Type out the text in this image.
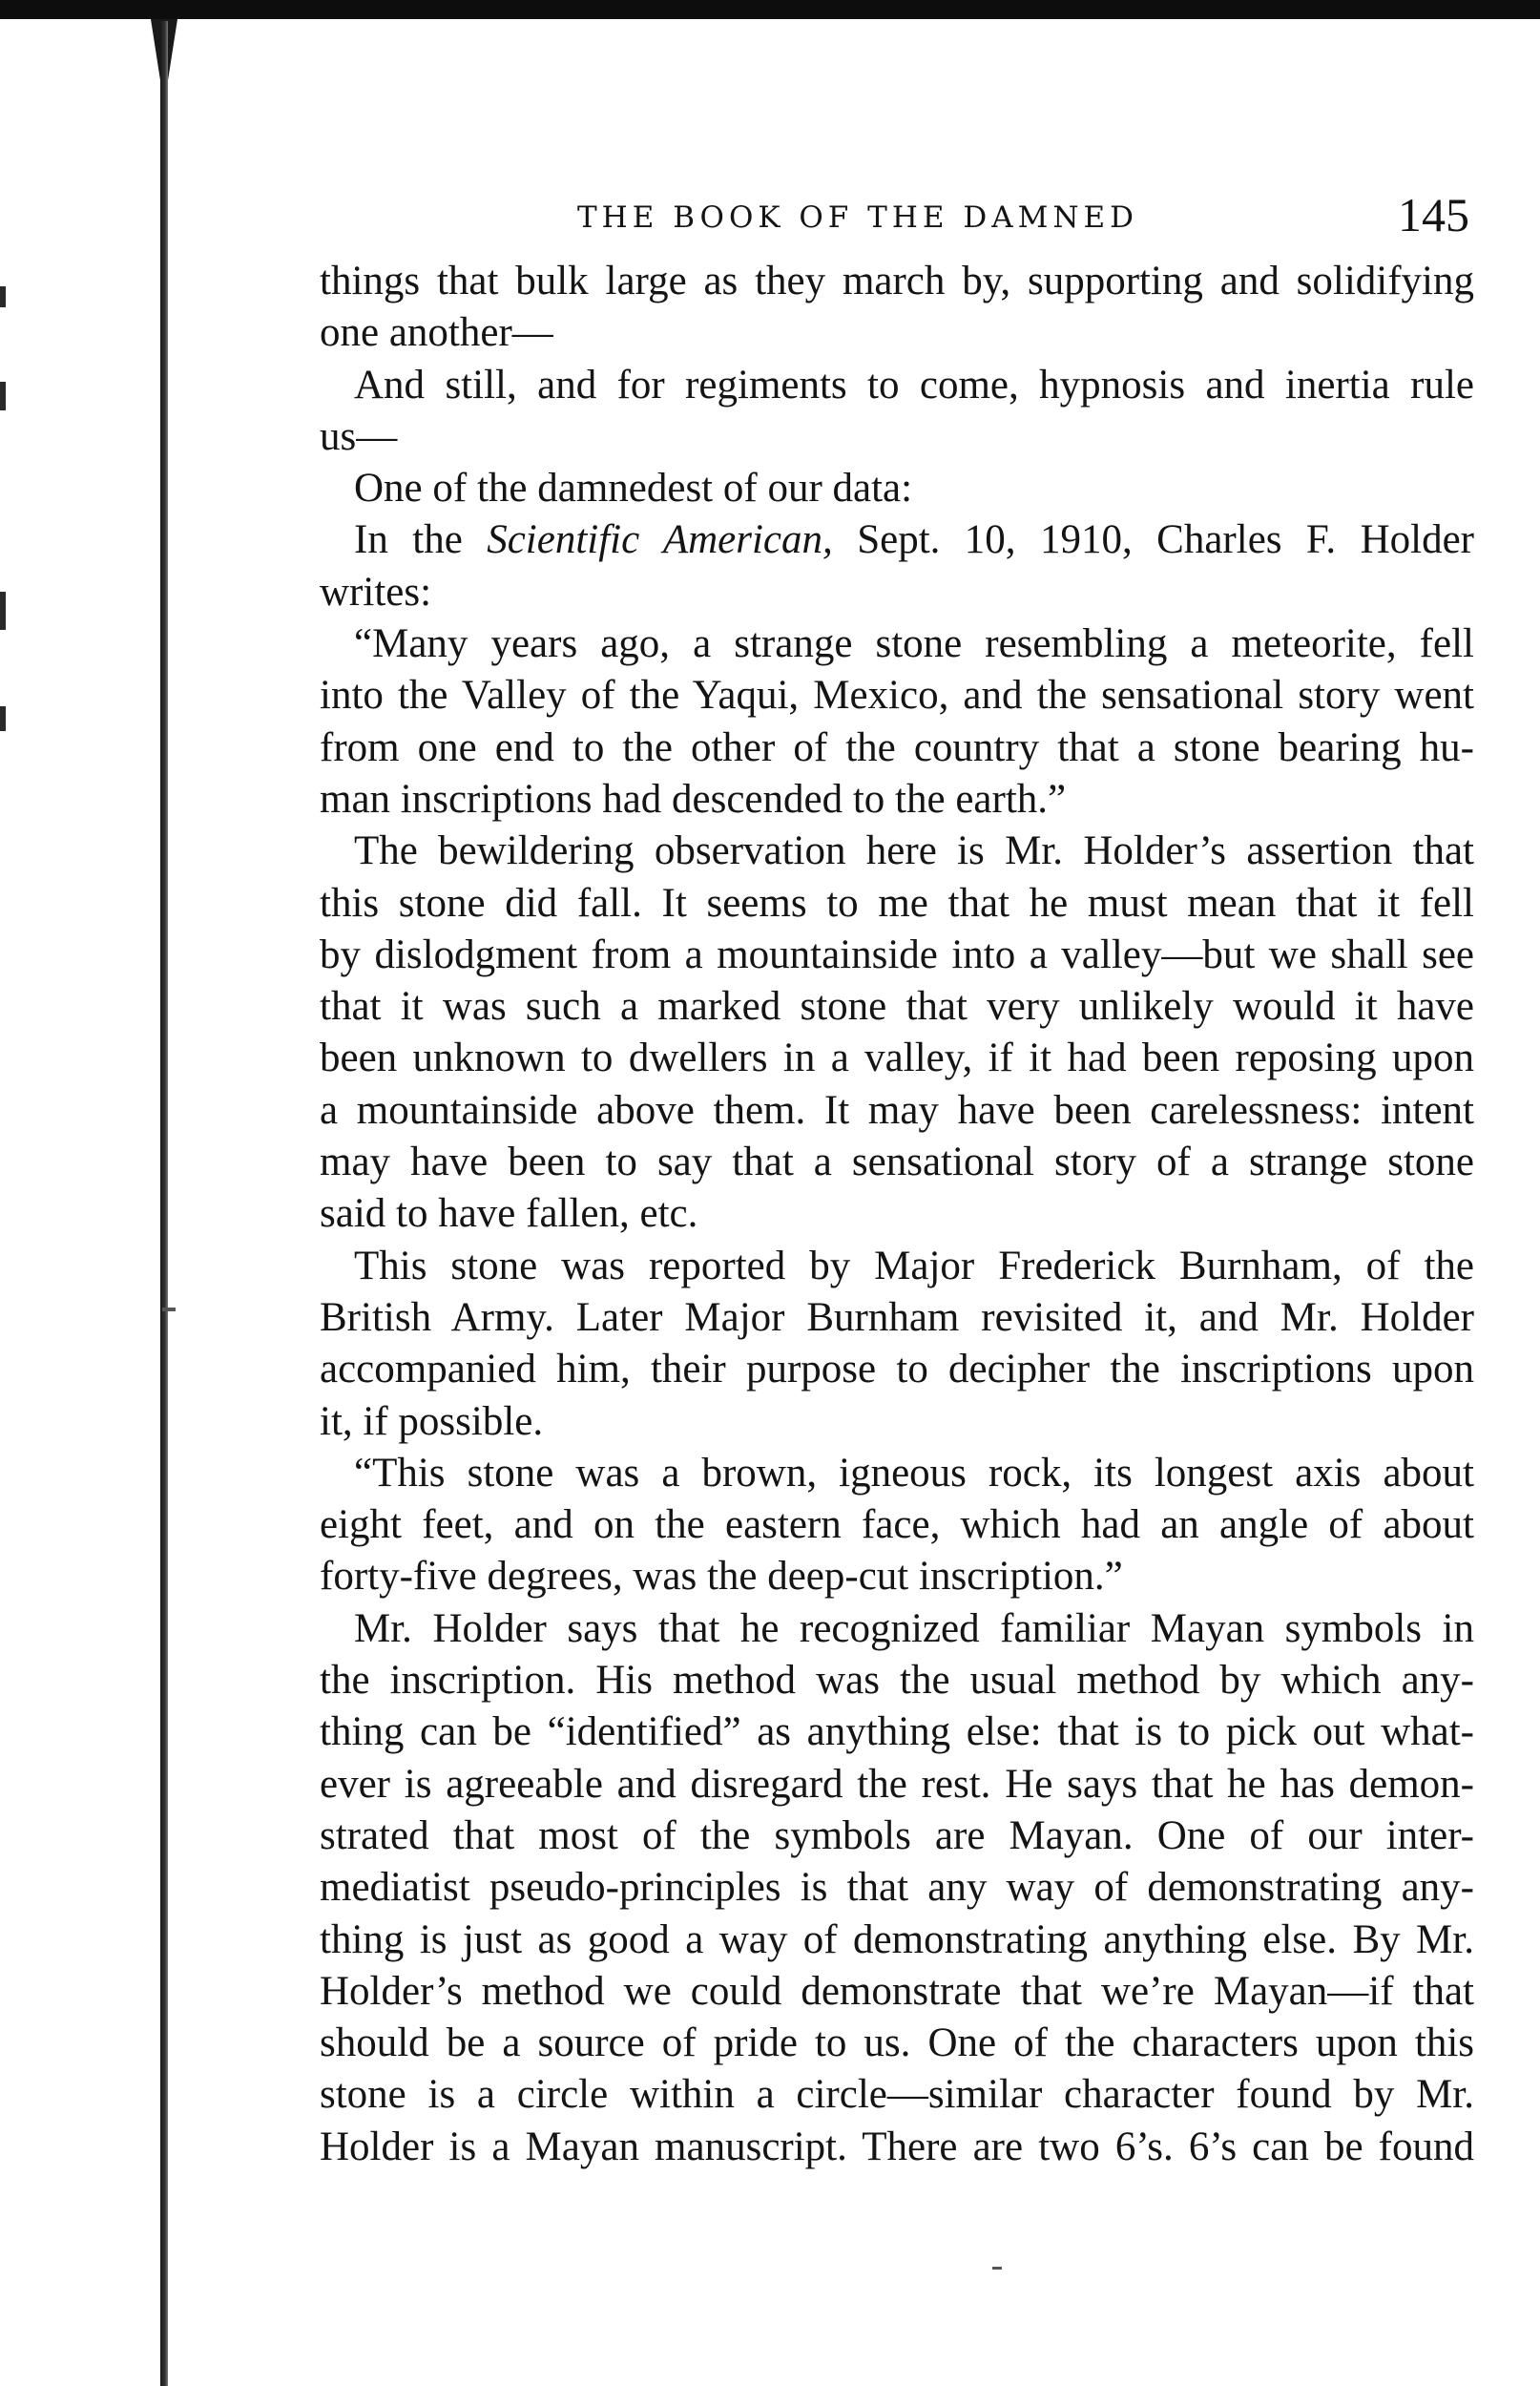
THE BOOK OF THE DAMNED	145
things that bulk large as they march by, supporting and solidifying
one another—
And still, and for regiments to come, hypnosis and inertia rule
us—
One of the damnedest of our data:
In the Scientific American, Sept. 10, 1910, Charles F. Holder
writes:
“Many years ago, a strange stone resembling a meteorite, fell
into the Valley of the Yaqui, Mexico, and the sensational story went
from one end to the other of the country that a stone bearing hu-
man inscriptions had descended to the earth.”
The bewildering observation here is Mr. Holder’s assertion that
this stone did fall. It seems to me that he must mean that it fell
by dislodgment from a mountainside into a valley—but we shall see
that it was such a marked stone that very unlikely would it have
been unknown to dwellers in a valley, if it had been reposing upon
a mountainside above them. It may have been carelessness: intent
may have been to say that a sensational story of a strange stone
said to have fallen, etc.
This stone was reported by Major Frederick Burnham, of the
British Army. Later Major Burnham revisited it, and Mr. Holder
accompanied him, their purpose to decipher the inscriptions upon
it, if possible.
“This stone was a brown, igneous rock, its longest axis about
eight feet, and on the eastern face, which had an angle of about
forty-five degrees, was the deep-cut inscription.”
Mr. Holder says that he recognized familiar Mayan symbols in
the inscription. His method was the usual method by which any-
thing can be “identified” as anything else: that is to pick out what-
ever is agreeable and disregard the rest. He says that he has demon-
strated that most of the symbols are Mayan. One of our inter-
mediatist pseudo-principles is that any way of demonstrating any-
thing is just as good a way of demonstrating anything else. By Mr.
Holder’s method we could demonstrate that we’re Mayan—if that
should be a source of pride to us. One of the characters upon this
stone is a circle within a circle—similar character found by Mr.
Holder is a Mayan manuscript. There are two 6’s. 6’s can be found
